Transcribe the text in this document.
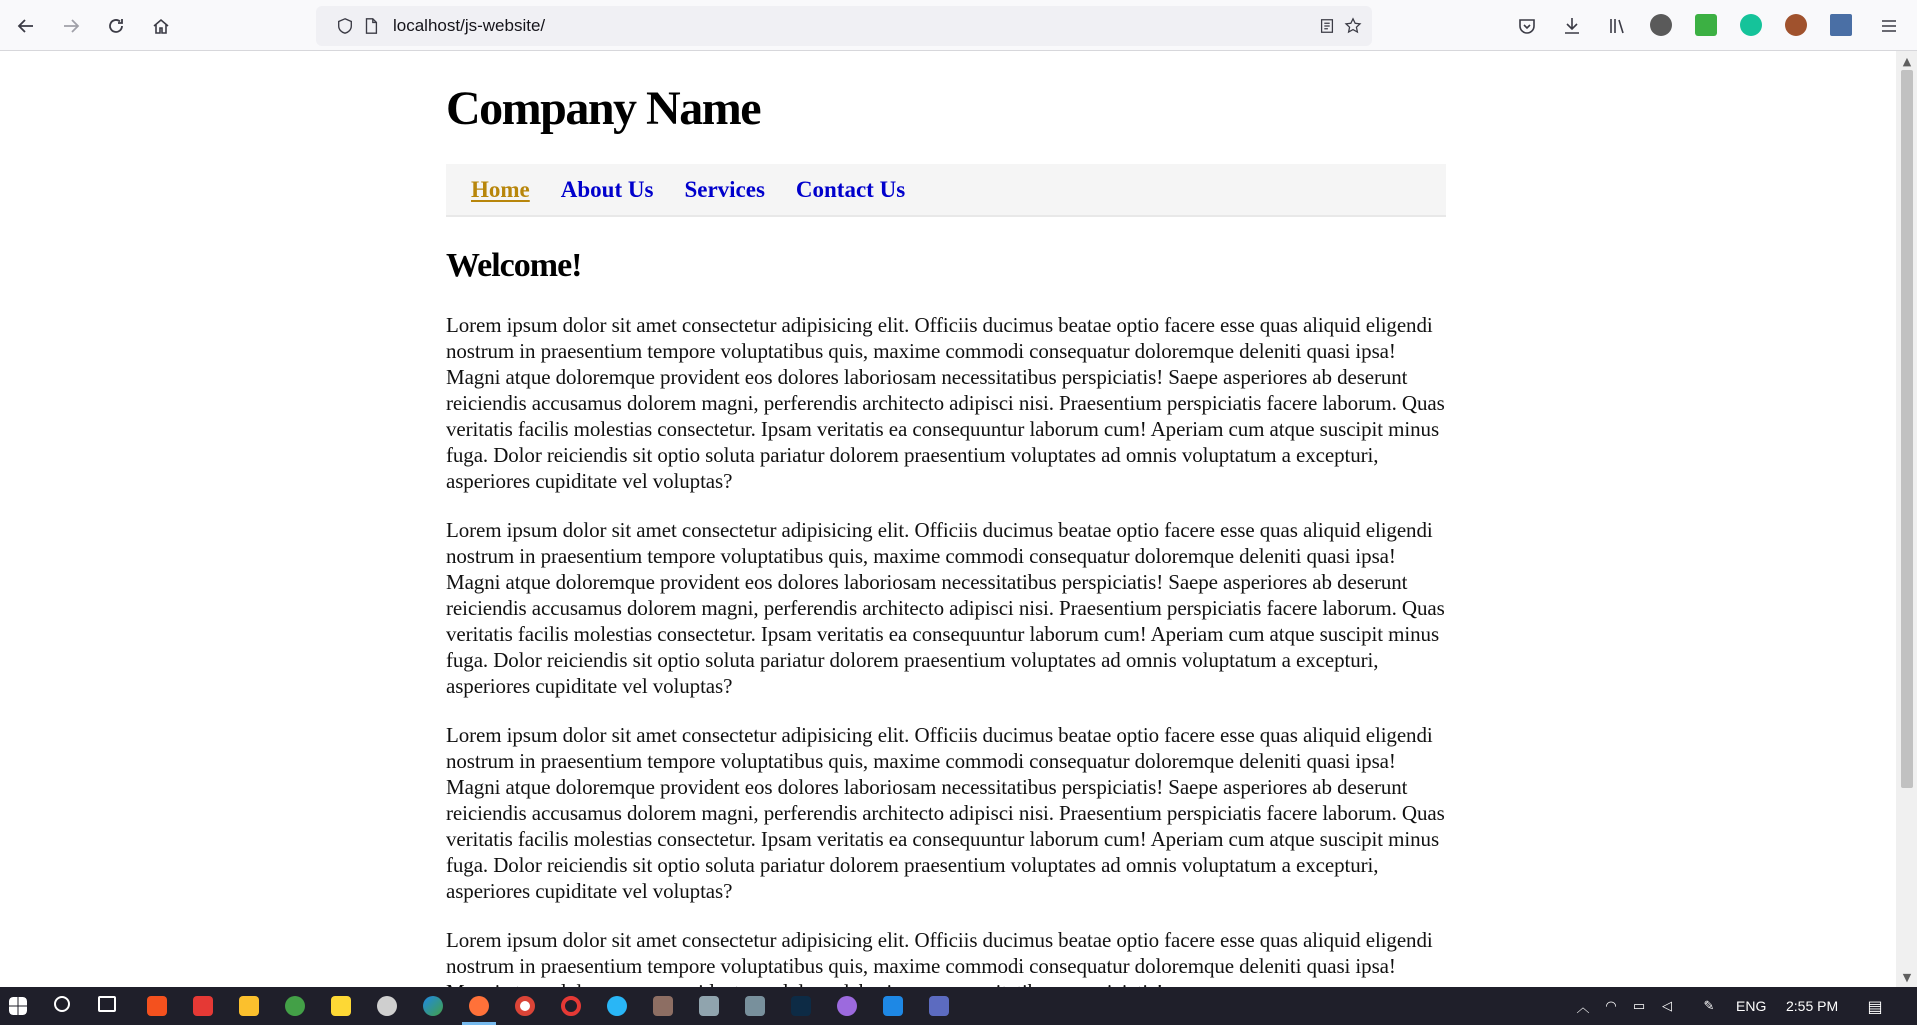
localhost/js-website/
Company Name
Home About Us Services Contact Us
Welcome!

Lorem ipsum dolor sit amet consectetur adipisicing elit. Officiis ducimus beatae optio facere esse quas aliquid eligendi nostrum in praesentium tempore voluptatibus quis, maxime commodi consequatur doloremque deleniti quasi ipsa! Magni atque doloremque provident eos dolores laboriosam necessitatibus perspiciatis! Saepe asperiores ab deserunt reiciendis accusamus dolorem magni, perferendis architecto adipisci nisi. Praesentium perspiciatis facere laborum. Quas veritatis facilis molestias consectetur. Ipsam veritatis ea consequuntur laborum cum! Aperiam cum atque suscipit minus fuga. Dolor reiciendis sit optio soluta pariatur dolorem praesentium voluptates ad omnis voluptatum a excepturi, asperiores cupiditate vel voluptas?

Lorem ipsum dolor sit amet consectetur adipisicing elit. Officiis ducimus beatae optio facere esse quas aliquid eligendi nostrum in praesentium tempore voluptatibus quis, maxime commodi consequatur doloremque deleniti quasi ipsa! Magni atque doloremque provident eos dolores laboriosam necessitatibus perspiciatis! Saepe asperiores ab deserunt reiciendis accusamus dolorem magni, perferendis architecto adipisci nisi. Praesentium perspiciatis facere laborum. Quas veritatis facilis molestias consectetur. Ipsam veritatis ea consequuntur laborum cum! Aperiam cum atque suscipit minus fuga. Dolor reiciendis sit optio soluta pariatur dolorem praesentium voluptates ad omnis voluptatum a excepturi, asperiores cupiditate vel voluptas?

Lorem ipsum dolor sit amet consectetur adipisicing elit. Officiis ducimus beatae optio facere esse quas aliquid eligendi nostrum in praesentium tempore voluptatibus quis, maxime commodi consequatur doloremque deleniti quasi ipsa! Magni atque doloremque provident eos dolores laboriosam necessitatibus perspiciatis! Saepe asperiores ab deserunt reiciendis accusamus dolorem magni, perferendis architecto adipisci nisi. Praesentium perspiciatis facere laborum. Quas veritatis facilis molestias consectetur. Ipsam veritatis ea consequuntur laborum cum! Aperiam cum atque suscipit minus fuga. Dolor reiciendis sit optio soluta pariatur dolorem praesentium voluptates ad omnis voluptatum a excepturi, asperiores cupiditate vel voluptas?

Lorem ipsum dolor sit amet consectetur adipisicing elit. Officiis ducimus beatae optio facere esse quas aliquid eligendi nostrum in praesentium tempore voluptatibus quis, maxime commodi consequatur doloremque deleniti quasi ipsa!

▲
▼
︿ ◠ ▭	◁	✎ ENG 2:55 PM ▤
